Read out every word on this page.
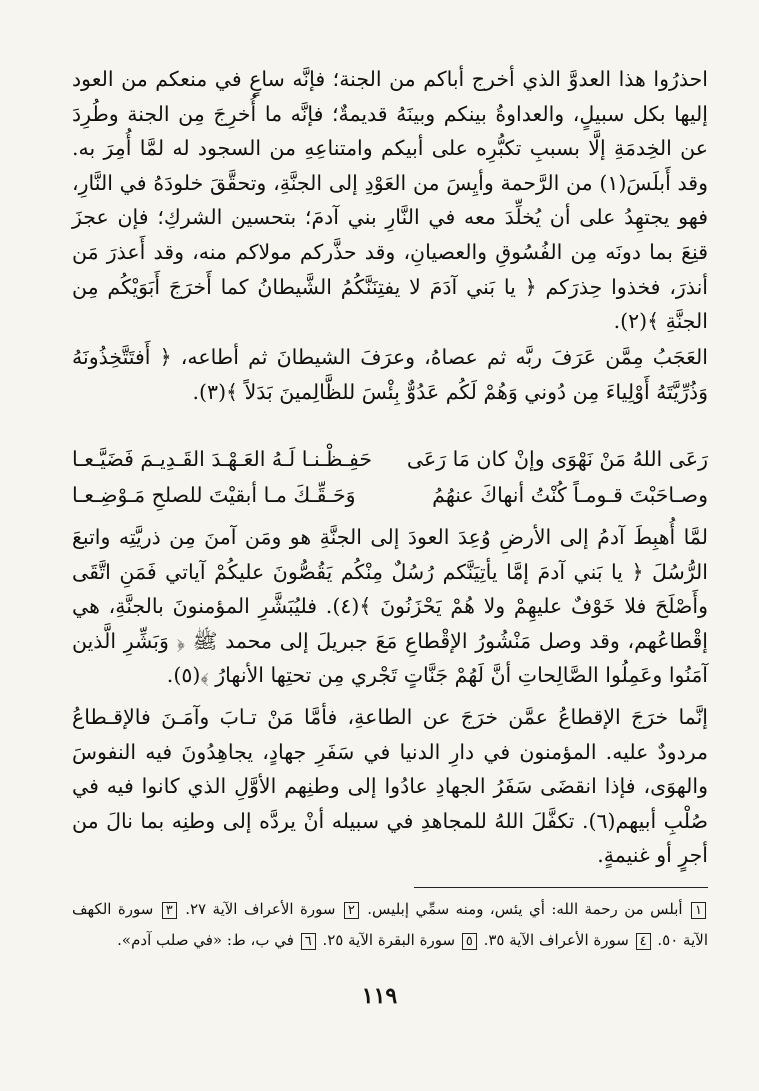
احذرُوا هذا العدوَّ الذي أخرج أباكم من الجنة؛ فإنَّه ساعٍ في منعكم من العود إليها بكل سبيلٍ، والعداوةُ بينكم وبينَهُ قديمةٌ؛ فإنَّه ما أُخرِجَ مِن الجنة وطُرِدَ عن الخِدمَةِ إلَّا بسببِ تكبُّرِه على أبيكم وامتناعِهِ من السجود له لمَّا أُمِرَ به. وقد أَبلَسَ(١) من الرَّحمة وأيِسَ من العَوْدِ إلى الجنَّةِ، وتحقَّقَ خلودَهُ في النَّارِ، فهو يجتهِدُ على أن يُخلِّدَ معه في النَّارِ بني آدمَ؛ بتحسين الشركِ؛ فإن عجزَ قنِعَ بما دونَه مِن الفُسُوقِ والعصيانِ، وقد حذَّركم مولاكم منه، وقد أَعذرَ مَن أنذرَ، فخذوا حِذرَكم ﴿ يا بَني آدَمَ لا يفتِنَنَّكُمُ الشَّيطانُ كما أَخرَجَ أَبَوَيْكُم مِن الجنَّةِ ﴾(٢).

العَجَبُ مِمَّن عَرَفَ ربَّه ثم عصاهُ، وعرَفَ الشيطانَ ثم أطاعه، ﴿ أَفتَتَّخِذُونَهُ وَذُرِّيَّتَهُ أَوْلِياءَ مِن دُوني وَهُمْ لَكُم عَدُوٌّ بِئْسَ للظَّالِمينَ بَدَلاً ﴾(٣).

رَعَى اللهُ مَنْ نَهْوَى وإنْ كان مَا رَعَى
حَفِـظْـنـا لَـهُ العَـهْـدَ القَـدِيـمَ فَضَيَّـعـا
وصـاحَبْتَ قـومـاً كُنْتُ أنهاكَ عنهُمُ
وَحَـقِّـكَ مـا أبقيْتَ للصلحِ مَـوْضِـعـا

لمَّا أُهبِطَ آدمُ إلى الأرضِ وُعِدَ العودَ إلى الجنَّةِ هو ومَن آمنَ مِن ذريَّتِه واتبعَ الرُّسُلَ ﴿ يا بَني آدمَ إمَّا يأتِيَنَّكم رُسُلٌ مِنْكُم يَقُصُّونَ عليكُمْ آياتي فَمَنِ اتَّقَى وأَصْلَحَ فلا خَوْفٌ عليهِمْ ولا هُمْ يَحْزَنُونَ ﴾(٤). فليُبَشَّرِ المؤمنونَ بالجنَّةِ، هي إقْطاعُهم، وقد وصل مَنْشُورُ الإقْطاعِ مَعَ جبريلَ إلى محمد ﷺ ﴿ وَبَشِّرِ الَّذين آمَنُوا وعَمِلُوا الصَّالِحاتِ أنَّ لَهُمْ جَنَّاتٍ تَجْري مِن تحتِها الأنهارُ ﴾(٥).

إنَّما خرَجَ الإقطاعُ عمَّن خرَجَ عن الطاعةِ، فأمَّا مَنْ تـابَ وآمَـنَ فالإقـطاعُ مردودٌ عليه. المؤمنون في دارِ الدنيا في سَفَرِ جهادٍ، يجاهِدُونَ فيه النفوسَ والهوَى، فإذا انقضَى سَفَرُ الجهادِ عادُوا إلى وطنِهم الأوَّلِ الذي كانوا فيه في صُلْبِ أبيهم(٦). تكفَّلَ اللهُ للمجاهدِ في سبيله أنْ يردَّه إلى وطنِه بما نالَ من أجرٍ أو غنيمةٍ.

١ أبلس من رحمة الله: أي يئس، ومنه سمِّي إبليس. ٢ سورة الأعراف الآية ٢٧. ٣ سورة الكهف الآية ٥٠. ٤ سورة الأعراف الآية ٣٥. ٥ سورة البقرة الآية ٢٥. ٦ في ب، ط: «في صلب آدم».
١١٩
